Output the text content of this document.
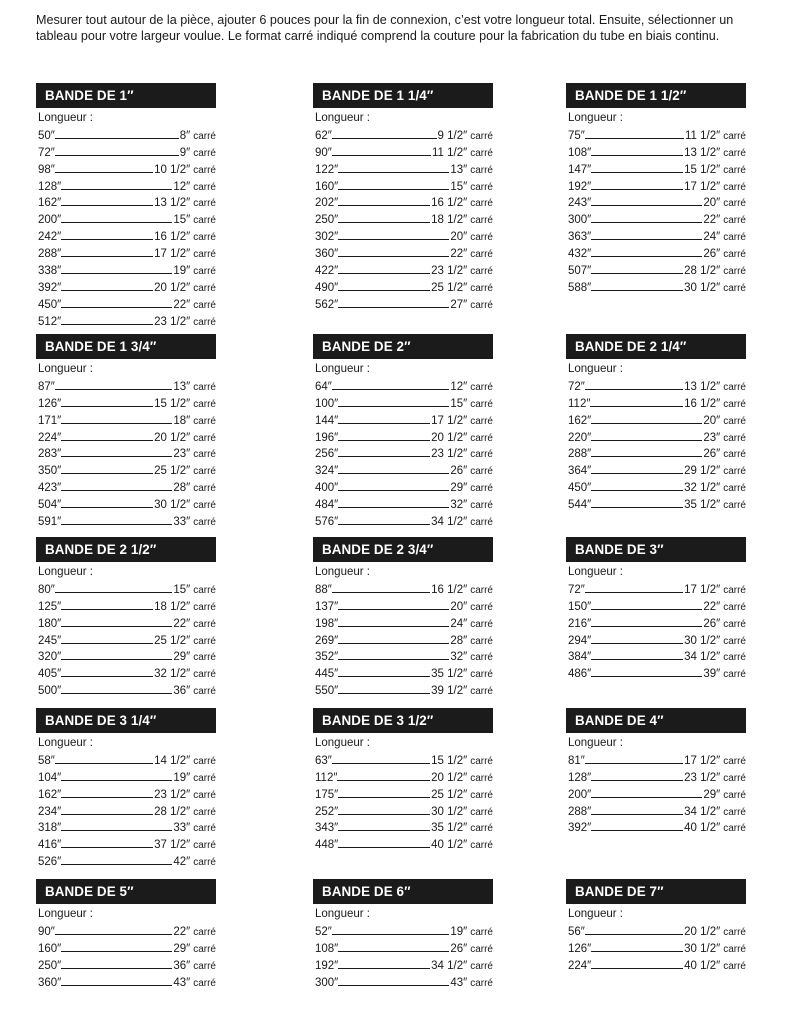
Mesurer tout autour de la pièce, ajouter 6 pouces pour la fin de connexion, c’est votre longueur total. Ensuite, sélectionner un tableau pour votre largeur voulue. Le format carré indiqué comprend la couture pour la fabrication du tube en biais continu.
BANDE DE 1″
Longueur :
50″	8″ carré
72″	9″ carré
98″	10 1/2″ carré
128″	12″ carré
162″	13 1/2″ carré
200″	15″ carré
242″	16 1/2″ carré
288″	17 1/2″ carré
338″	19″ carré
392″	20 1/2″ carré
450″	22″ carré
512″	23 1/2″ carré
BANDE DE 1 1/4″
Longueur :
62″	9 1/2″ carré
90″	11 1/2″ carré
122″	13″ carré
160″	15″ carré
202″	16 1/2″ carré
250″	18 1/2″ carré
302″	20″ carré
360″	22″ carré
422″	23 1/2″ carré
490″	25 1/2″ carré
562″	27″ carré
BANDE DE 1 1/2″
Longueur :
75″	11 1/2″ carré
108″	13 1/2″ carré
147″	15 1/2″ carré
192″	17 1/2″ carré
243″	20″ carré
300″	22″ carré
363″	24″ carré
432″	26″ carré
507″	28 1/2″ carré
588″	30 1/2″ carré
BANDE DE 1 3/4″
Longueur :
87″	13″ carré
126″	15 1/2″ carré
171″	18″ carré
224″	20 1/2″ carré
283″	23″ carré
350″	25 1/2″ carré
423″	28″ carré
504″	30 1/2″ carré
591″	33″ carré
BANDE DE 2″
Longueur :
64″	12″ carré
100″	15″ carré
144″	17 1/2″ carré
196″	20 1/2″ carré
256″	23 1/2″ carré
324″	26″ carré
400″	29″ carré
484″	32″ carré
576″	34 1/2″ carré
BANDE DE 2 1/4″
Longueur :
72″	13 1/2″ carré
112″	16 1/2″ carré
162″	20″ carré
220″	23″ carré
288″	26″ carré
364″	29 1/2″ carré
450″	32 1/2″ carré
544″	35 1/2″ carré
BANDE DE 2 1/2″
Longueur :
80″	15″ carré
125″	18 1/2″ carré
180″	22″ carré
245″	25 1/2″ carré
320″	29″ carré
405″	32 1/2″ carré
500″	36″ carré
BANDE DE 2 3/4″
Longueur :
88″	16 1/2″ carré
137″	20″ carré
198″	24″ carré
269″	28″ carré
352″	32″ carré
445″	35 1/2″ carré
550″	39 1/2″ carré
BANDE DE 3″
Longueur :
72″	17 1/2″ carré
150″	22″ carré
216″	26″ carré
294″	30 1/2″ carré
384″	34 1/2″ carré
486″	39″ carré
BANDE DE 3 1/4″
Longueur :
58″	14 1/2″ carré
104″	19″ carré
162″	23 1/2″ carré
234″	28 1/2″ carré
318″	33″ carré
416″	37 1/2″ carré
526″	42″ carré
BANDE DE 3 1/2″
Longueur :
63″	15 1/2″ carré
112″	20 1/2″ carré
175″	25 1/2″ carré
252″	30 1/2″ carré
343″	35 1/2″ carré
448″	40 1/2″ carré
BANDE DE 4″
Longueur :
81″	17 1/2″ carré
128″	23 1/2″ carré
200″	29″ carré
288″	34 1/2″ carré
392″	40 1/2″ carré
BANDE DE 5″
Longueur :
90″	22″ carré
160″	29″ carré
250″	36″ carré
360″	43″ carré
BANDE DE 6″
Longueur :
52″	19″ carré
108″	26″ carré
192″	34 1/2″ carré
300″	43″ carré
BANDE DE 7″
Longueur :
56″	20 1/2″ carré
126″	30 1/2″ carré
224″	40 1/2″ carré
